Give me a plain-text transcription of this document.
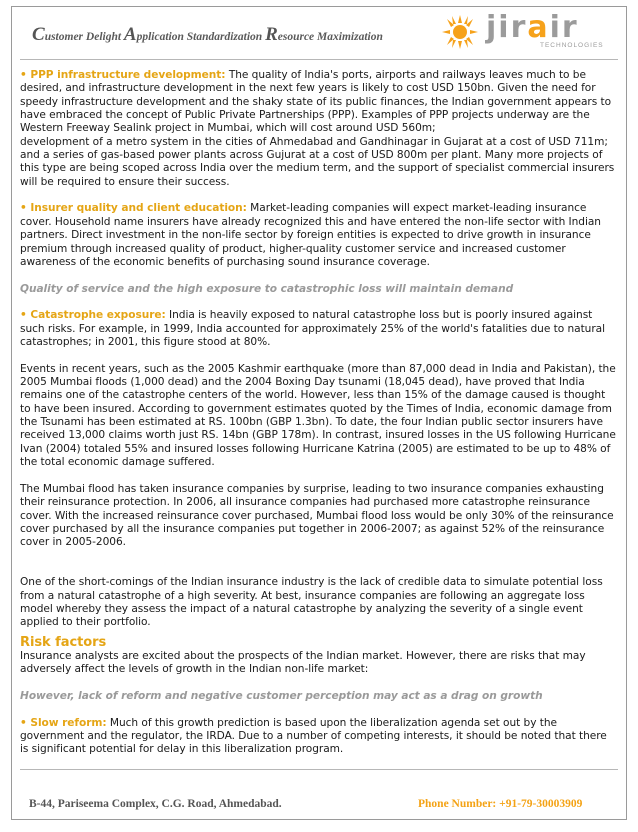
Customer Delight Application Standardization Resource Maximization	jirair
TECHNOLOGIES

• PPP infrastructure development: The quality of India's ports, airports and railways leaves much to be desired, and infrastructure development in the next few years is likely to cost USD 150bn. Given the need for speedy infrastructure development and the shaky state of its public finances, the Indian government appears to have embraced the concept of Public Private Partnerships (PPP). Examples of PPP projects underway are the Western Freeway Sealink project in Mumbai, which will cost around USD 560m;
development of a metro system in the cities of Ahmedabad and Gandhinagar in Gujarat at a cost of USD 711m; and a series of gas-based power plants across Gujurat at a cost of USD 800m per plant. Many more projects of this type are being scoped across India over the medium term, and the support of specialist commercial insurers will be required to ensure their success.

• Insurer quality and client education: Market-leading companies will expect market-leading insurance cover. Household name insurers have already recognized this and have entered the non-life sector with Indian partners. Direct investment in the non-life sector by foreign entities is expected to drive growth in insurance premium through increased quality of product, higher-quality customer service and increased customer awareness of the economic benefits of purchasing sound insurance coverage.

Quality of service and the high exposure to catastrophic loss will maintain demand

• Catastrophe exposure: India is heavily exposed to natural catastrophe loss but is poorly insured against such risks. For example, in 1999, India accounted for approximately 25% of the world's fatalities due to natural catastrophes; in 2001, this figure stood at 80%.

Events in recent years, such as the 2005 Kashmir earthquake (more than 87,000 dead in India and Pakistan), the 2005 Mumbai floods (1,000 dead) and the 2004 Boxing Day tsunami (18,045 dead), have proved that India remains one of the catastrophe centers of the world. However, less than 15% of the damage caused is thought to have been insured. According to government estimates quoted by the Times of India, economic damage from the Tsunami has been estimated at RS. 100bn (GBP 1.3bn). To date, the four Indian public sector insurers have received 13,000 claims worth just RS. 14bn (GBP 178m). In contrast, insured losses in the US following Hurricane Ivan (2004) totaled 55% and insured losses following Hurricane Katrina (2005) are estimated to be up to 48% of the total economic damage suffered.

The Mumbai flood has taken insurance companies by surprise, leading to two insurance companies exhausting their reinsurance protection. In 2006, all insurance companies had purchased more catastrophe reinsurance cover. With the increased reinsurance cover purchased, Mumbai flood loss would be only 30% of the reinsurance cover purchased by all the insurance companies put together in 2006-2007; as against 52% of the reinsurance cover in 2005-2006.

One of the short-comings of the Indian insurance industry is the lack of credible data to simulate potential loss from a natural catastrophe of a high severity. At best, insurance companies are following an aggregate loss model whereby they assess the impact of a natural catastrophe by analyzing the severity of a single event applied to their portfolio.

Risk factors

Insurance analysts are excited about the prospects of the Indian market. However, there are risks that may adversely affect the levels of growth in the Indian non-life market:

However, lack of reform and negative customer perception may act as a drag on growth

• Slow reform: Much of this growth prediction is based upon the liberalization agenda set out by the government and the regulator, the IRDA. Due to a number of competing interests, it should be noted that there is significant potential for delay in this liberalization program.

B-44, Pariseema Complex, C.G. Road, Ahmedabad.	Phone Number: +91-79-30003909
